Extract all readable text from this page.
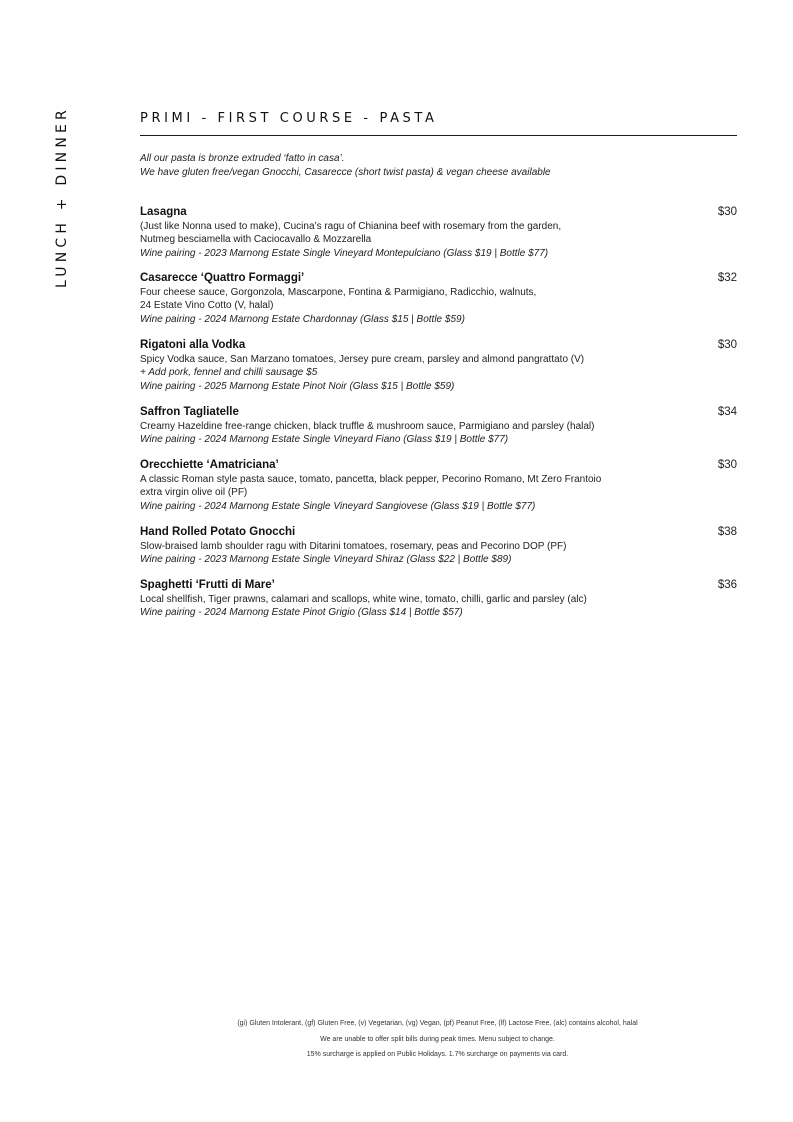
LUNCH + DINNER	PRIMI - FIRST COURSE - PASTA
All our pasta is bronze extruded ‘fatto in casa’.
We have gluten free/vegan Gnocchi, Casarecce (short twist pasta) & vegan cheese available
Lasagna	$30
(Just like Nonna used to make), Cucina’s ragu of Chianina beef with rosemary from the garden,
Nutmeg besciamella with Caciocavallo & Mozzarella
Wine pairing - 2023 Marnong Estate Single Vineyard Montepulciano (Glass $19 | Bottle $77)
Casarecce ‘Quattro Formaggi’	$32
Four cheese sauce, Gorgonzola, Mascarpone, Fontina & Parmigiano, Radicchio, walnuts,
24 Estate Vino Cotto (V, halal)
Wine pairing - 2024 Marnong Estate Chardonnay (Glass $15 | Bottle $59)
Rigatoni alla Vodka	$30
Spicy Vodka sauce, San Marzano tomatoes, Jersey pure cream, parsley and almond pangrattato (V)
+ Add pork, fennel and chilli sausage $5
Wine pairing - 2025 Marnong Estate Pinot Noir (Glass $15 | Bottle $59)
Saffron Tagliatelle	$34
Creamy Hazeldine free-range chicken, black truffle & mushroom sauce, Parmigiano and parsley (halal)
Wine pairing - 2024 Marnong Estate Single Vineyard Fiano (Glass $19 | Bottle $77)
Orecchiette ‘Amatriciana’	$30
A classic Roman style pasta sauce, tomato, pancetta, black pepper, Pecorino Romano, Mt Zero Frantoio
extra virgin olive oil (PF)
Wine pairing - 2024 Marnong Estate Single Vineyard Sangiovese (Glass $19 | Bottle $77)
Hand Rolled Potato Gnocchi	$38
Slow-braised lamb shoulder ragu with Ditarini tomatoes, rosemary, peas and Pecorino DOP (PF)
Wine pairing - 2023 Marnong Estate Single Vineyard Shiraz (Glass $22 | Bottle $89)
Spaghetti ‘Frutti di Mare’	$36
Local shellfish, Tiger prawns, calamari and scallops, white wine, tomato, chilli, garlic and parsley (alc)
Wine pairing - 2024 Marnong Estate Pinot Grigio (Glass $14 | Bottle $57)
(gi) Gluten Intolerant, (gf) Gluten Free, (v) Vegetarian, (vg) Vegan, (pf) Peanut Free, (lf) Lactose Free, (alc) contains alcohol, halal
We are unable to offer split bills during peak times. Menu subject to change.
15% surcharge is applied on Public Holidays. 1.7% surcharge on payments via card.
